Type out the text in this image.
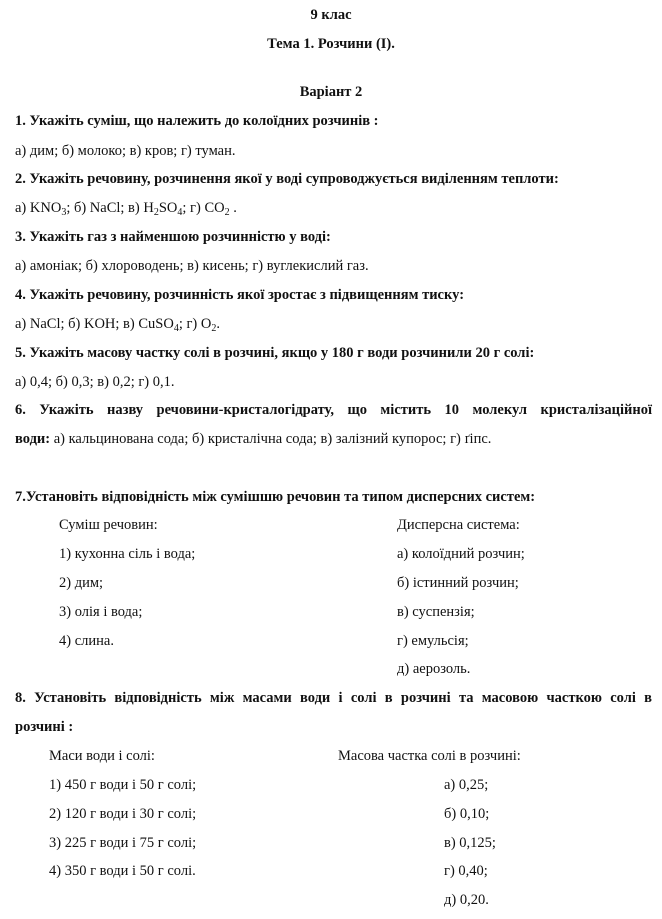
9 клас
Тема 1. Розчини (І).
Варіант 2
1. Укажіть суміш, що належить до колоїдних розчинів :
а) дим; б) молоко; в) кров; г) туман.
2. Укажіть речовину, розчинення якої у воді супроводжується виділенням теплоти:
а) $KNO_3$; б) NaCl; в) $H_2SO_4$; г) $CO_2$ .
3. Укажіть газ з найменшою розчинністю у воді:
а) амоніак; б) хлороводень; в) кисень; г) вуглекислий газ.
4. Укажіть речовину, розчинність якої зростає з підвищенням тиску:
а) NaCl; б) KOH; в) CuSO$_4$; г) $O_2$.
5. Укажіть масову частку солі в розчині, якщо у 180 г води розчинили 20 г солі:
а) 0,4; б) 0,3; в) 0,2; г) 0,1.
6. Укажіть назву речовини-кристалогідрату, що містить 10 молекул кристалізаційної
води: а) кальцинована сода; б) кристалічна сода; в) залізний купорос; г) ґіпс.
7.Установіть відповідність між сумішшю речовин та типом дисперсних систем:
Суміш речовин:	Дисперсна система:
1) кухонна сіль і вода;
2) дим;
3) олія і вода;
4) слина.
а) колоїдний розчин;
б) істинний розчин;
в) суспензія;
г) емульсія;
д) аерозоль.
8. Установіть відповідність між масами води і солі в розчині та масовою часткою солі в
розчині :
Маси води і солі:	Масова частка солі в розчині:
1) 450 г води і 50 г солі;
2) 120 г води і 30 г солі;
3) 225 г води і 75 г солі;
4) 350 г води і 50 г солі.
а) 0,25;
б) 0,10;
в) 0,125;
г) 0,40;
д) 0,20.
